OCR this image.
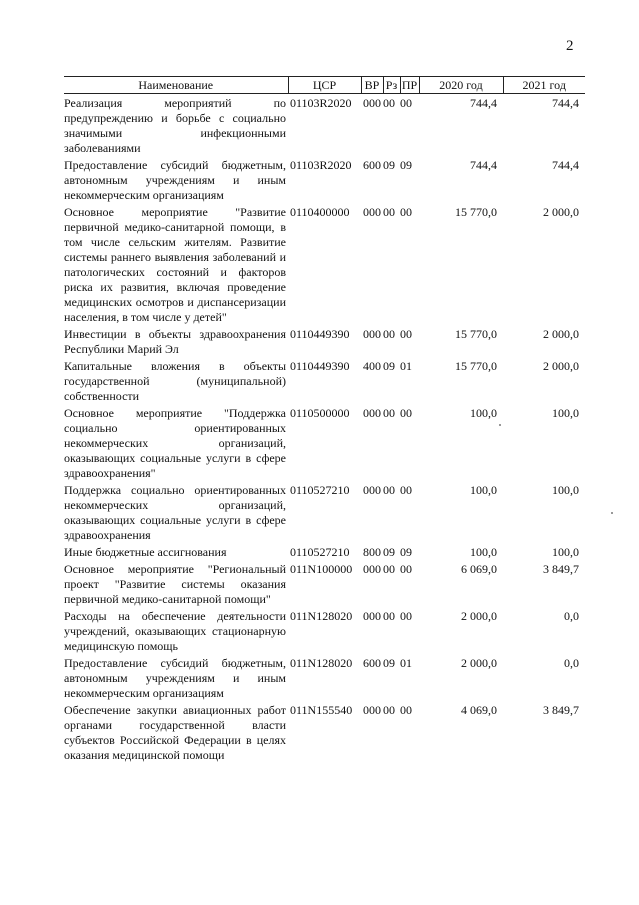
2
Наименование	ЦСР	ВР	Рз	ПР	2020 год	2021 год
Реализация мероприятий по предупреждению и борьбе с социально значимыми инфекционными заболеваниями	01103R2020	000	00	00	744,4	744,4
Предоставление субсидий бюджетным, автономным учреждениям и иным некоммерческим организациям	01103R2020	600	09	09	744,4	744,4
Основное мероприятие "Развитие первичной медико-санитарной помощи, в том числе сельским жителям. Развитие системы раннего выявления заболеваний и патологических состояний и факторов риска их развития, включая проведение медицинских осмотров и диспансеризации населения, в том числе у детей"	0110400000	000	00	00	15 770,0	2 000,0
Инвестиции в объекты здравоохранения Республики Марий Эл	0110449390	000	00	00	15 770,0	2 000,0
Капитальные вложения в объекты государственной (муниципальной) собственности	0110449390	400	09	01	15 770,0	2 000,0
Основное мероприятие "Поддержка социально ориентированных некоммерческих организаций, оказывающих социальные услуги в сфере здравоохранения"	0110500000	000	00	00	100,0	100,0
Поддержка социально ориентированных некоммерческих организаций, оказывающих социальные услуги в сфере здравоохранения	0110527210	000	00	00	100,0	100,0
Иные бюджетные ассигнования	0110527210	800	09	09	100,0	100,0
Основное мероприятие "Региональный проект "Развитие системы оказания первичной медико-санитарной помощи"	011N100000	000	00	00	6 069,0	3 849,7
Расходы на обеспечение деятельности учреждений, оказывающих стационарную медицинскую помощь	011N128020	000	00	00	2 000,0	0,0
Предоставление субсидий бюджетным, автономным учреждениям и иным некоммерческим организациям	011N128020	600	09	01	2 000,0	0,0
Обеспечение закупки авиационных работ органами государственной власти субъектов Российской Федерации в целях оказания медицинской помощи	011N155540	000	00	00	4 069,0	3 849,7
